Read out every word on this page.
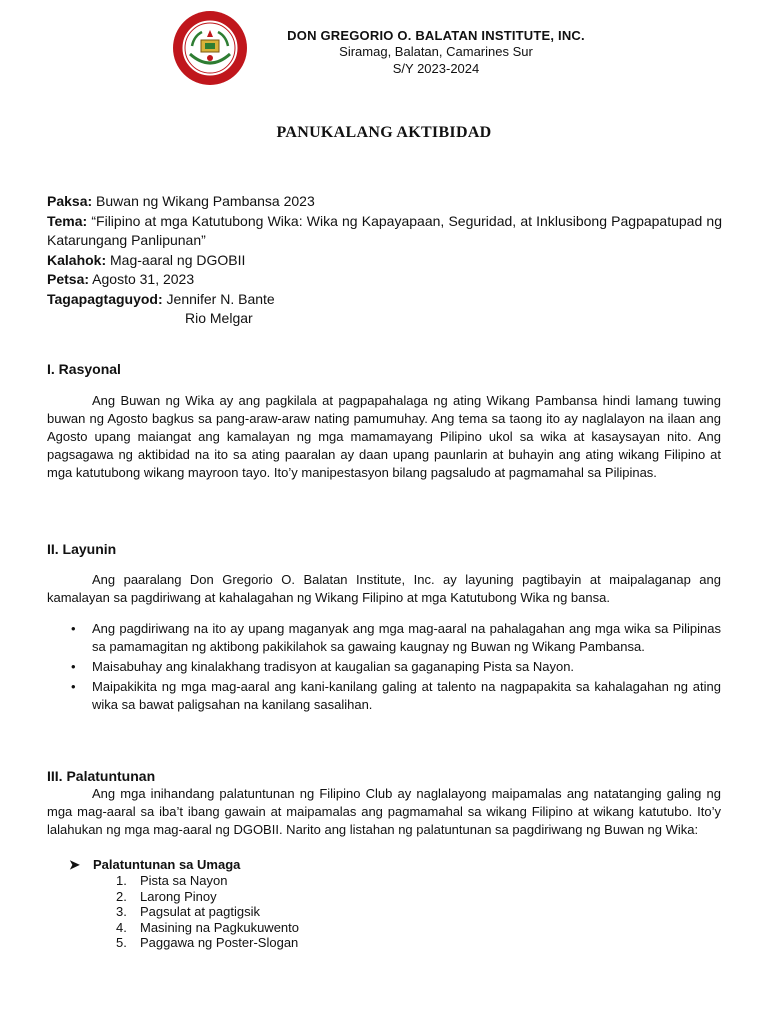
DON GREGORIO O. BALATAN INSTITUTE, INC.
Siramag, Balatan, Camarines Sur
S/Y 2023-2024
PANUKALANG AKTIBIDAD
Paksa: Buwan ng Wikang Pambansa 2023
Tema: “Filipino at mga Katutubong Wika: Wika ng Kapayapaan, Seguridad, at Inklusibong Pagpapatupad ng Katarungang Panlipunan”
Kalahok: Mag-aaral ng DGOBII
Petsa: Agosto 31, 2023
Tagapagtaguyod: Jennifer N. Bante
Rio Melgar
I. Rasyonal

Ang Buwan ng Wika ay ang pagkilala at pagpapahalaga ng ating Wikang Pambansa hindi lamang tuwing buwan ng Agosto bagkus sa pang-araw-araw nating pamumuhay. Ang tema sa taong ito ay naglalayon na ilaan ang Agosto upang maiangat ang kamalayan ng mga mamamayang Pilipino ukol sa wika at kasaysayan nito. Ang pagsagawa ng aktibidad na ito sa ating paaralan ay daan upang paunlarin at buhayin ang ating wikang Filipino at mga katutubong wikang mayroon tayo. Ito’y manipestasyon bilang pagsaludo at pagmamahal sa Pilipinas.

II. Layunin

Ang paaralang Don Gregorio O. Balatan Institute, Inc. ay layuning pagtibayin at maipalaganap ang kamalayan sa pagdiriwang at kahalagahan ng Wikang Filipino at mga Katutubong Wika ng bansa.

• Ang pagdiriwang na ito ay upang maganyak ang mga mag-aaral na pahalagahan ang mga wika sa Pilipinas sa pamamagitan ng aktibong pakikilahok sa gawaing kaugnay ng Buwan ng Wikang Pambansa.
• Maisabuhay ang kinalakhang tradisyon at kaugalian sa gaganaping Pista sa Nayon.
• Maipakikita ng mga mag-aaral ang kani-kanilang galing at talento na nagpapakita sa kahalagahan ng ating wika sa bawat paligsahan na kanilang sasalihan.
III. Palatuntunan

Ang mga inihandang palatuntunan ng Filipino Club ay naglalayong maipamalas ang natatanging galing ng mga mag-aaral sa iba’t ibang gawain at maipamalas ang pagmamahal sa wikang Filipino at wikang katutubo. Ito’y lalahukan ng mga mag-aaral ng DGOBII. Narito ang listahan ng palatuntunan sa pagdiriwang ng Buwan ng Wika:

➤ Palatuntunan sa Umaga
1. Pista sa Nayon
2. Larong Pinoy
3. Pagsulat at pagtigsik
4. Masining na Pagkukuwento
5. Paggawa ng Poster-Slogan
